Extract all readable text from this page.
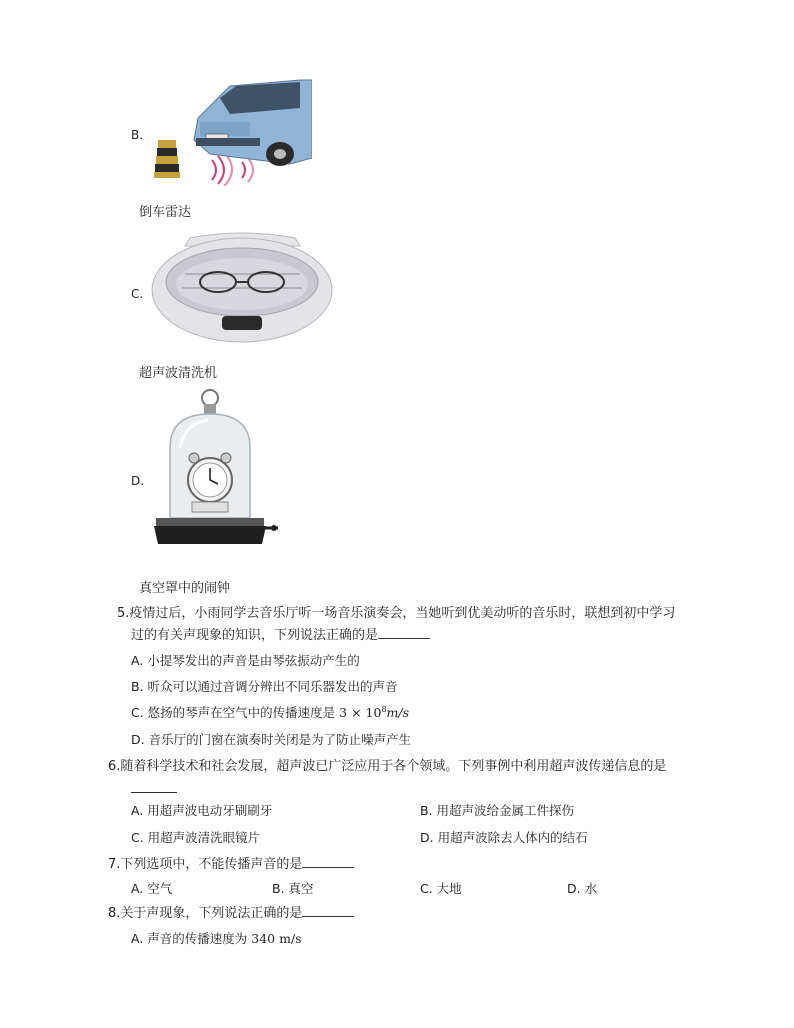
B.
倒车雷达
C.
超声波清洗机
D.
真空罩中的闹钟
5.疫情过后，小雨同学去音乐厅听一场音乐演奏会，当她听到优美动听的音乐时，联想到初中学习
过的有关声现象的知识，下列说法正确的是
A. 小提琴发出的声音是由琴弦振动产生的
B. 听众可以通过音调分辨出不同乐器发出的声音
C. 悠扬的琴声在空气中的传播速度是 $3 \times 10^8m/s$
D. 音乐厅的门窗在演奏时关闭是为了防止噪声产生
6.随着科学技术和社会发展，超声波已广泛应用于各个领域。下列事例中利用超声波传递信息的是
A. 用超声波电动牙刷刷牙	B. 用超声波给金属工件探伤
C. 用超声波清洗眼镜片	D. 用超声波除去人体内的结石
7.下列选项中，不能传播声音的是
A. 空气	B. 真空	C. 大地	D. 水
8.关于声现象，下列说法正确的是
A. 声音的传播速度为 340 m/s
